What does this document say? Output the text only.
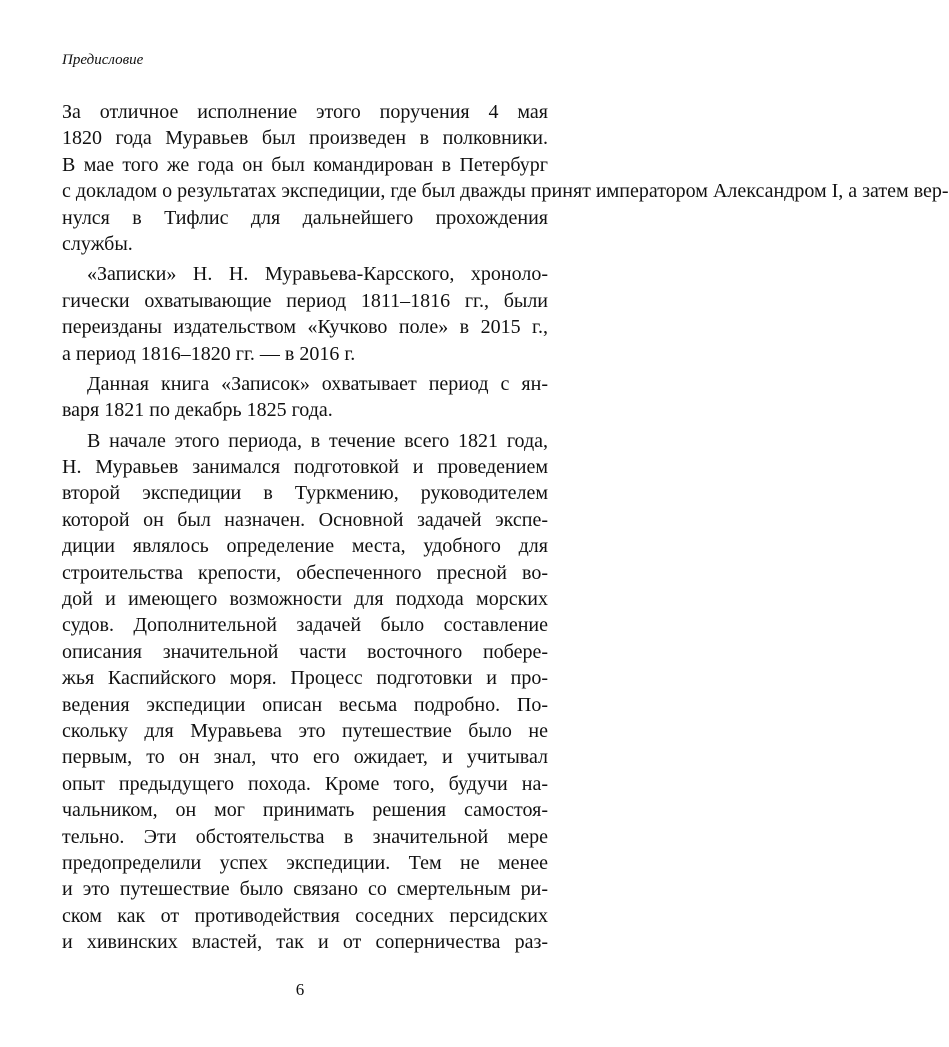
Предисловие
За отличное исполнение этого поручения 4 мая
1820 года Муравьев был произведен в полковники.
В мае того же года он был командирован в Петербург
с докладом о результатах экспедиции, где был дважды принят императором Александром I, а затем вер-
нулся в Тифлис для дальнейшего прохождения
службы.
«Записки» Н. Н. Муравьева-Карсского, хроноло-
гически охватывающие период 1811–1816 гг., были
переизданы издательством «Кучково поле» в 2015 г.,
а период 1816–1820 гг. — в 2016 г.
Данная книга «Записок» охватывает период с ян-
варя 1821 по декабрь 1825 года.
В начале этого периода, в течение всего 1821 года,
Н. Муравьев занимался подготовкой и проведением
второй экспедиции в Туркмению, руководителем
которой он был назначен. Основной задачей экспе-
диции являлось определение места, удобного для
строительства крепости, обеспеченного пресной во-
дой и имеющего возможности для подхода морских
судов. Дополнительной задачей было составление
описания значительной части восточного побере-
жья Каспийского моря. Процесс подготовки и про-
ведения экспедиции описан весьма подробно. По-
скольку для Муравьева это путешествие было не
первым, то он знал, что его ожидает, и учитывал
опыт предыдущего похода. Кроме того, будучи на-
чальником, он мог принимать решения самостоя-
тельно. Эти обстоятельства в значительной мере
предопределили успех экспедиции. Тем не менее
и это путешествие было связано со смертельным ри-
ском как от противодействия соседних персидских
и хивинских властей, так и от соперничества раз-
6
